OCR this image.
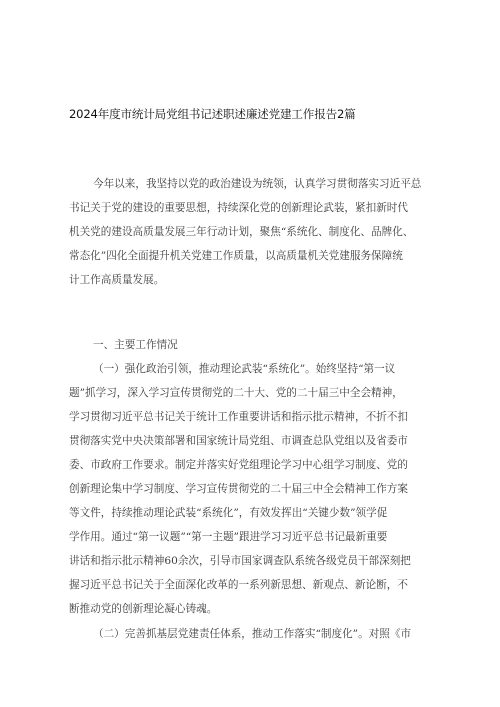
2024年度市统计局党组书记述职述廉述党建工作报告2篇
今年以来，我坚持以党的政治建设为统领，认真学习贯彻落实习近平总
书记关于党的建设的重要思想，持续深化党的创新理论武装，紧扣新时代
机关党的建设高质量发展三年行动计划，聚焦“系统化、制度化、品牌化、
常态化”四化全面提升机关党建工作质量，以高质量机关党建服务保障统
计工作高质量发展。
一、主要工作情况
（一）强化政治引领，推动理论武装“系统化”。始终坚持“第一议
题”抓学习，深入学习宣传贯彻党的二十大、党的二十届三中全会精神，
学习贯彻习近平总书记关于统计工作重要讲话和指示批示精神，不折不扣
贯彻落实党中央决策部署和国家统计局党组、市调查总队党组以及省委市
委、市政府工作要求。制定并落实好党组理论学习中心组学习制度、党的
创新理论集中学习制度、学习宣传贯彻党的二十届三中全会精神工作方案
等文件，持续推动理论武装“系统化”，有效发挥出“关键少数”领学促
学作用。通过“第一议题”“第一主题”跟进学习习近平总书记最新重要
讲话和指示批示精神60余次，引导市国家调查队系统各级党员干部深刻把
握习近平总书记关于全面深化改革的一系列新思想、新观点、新论断，不
断推动党的创新理论凝心铸魂。
（二）完善抓基层党建责任体系，推动工作落实“制度化”。对照《市
